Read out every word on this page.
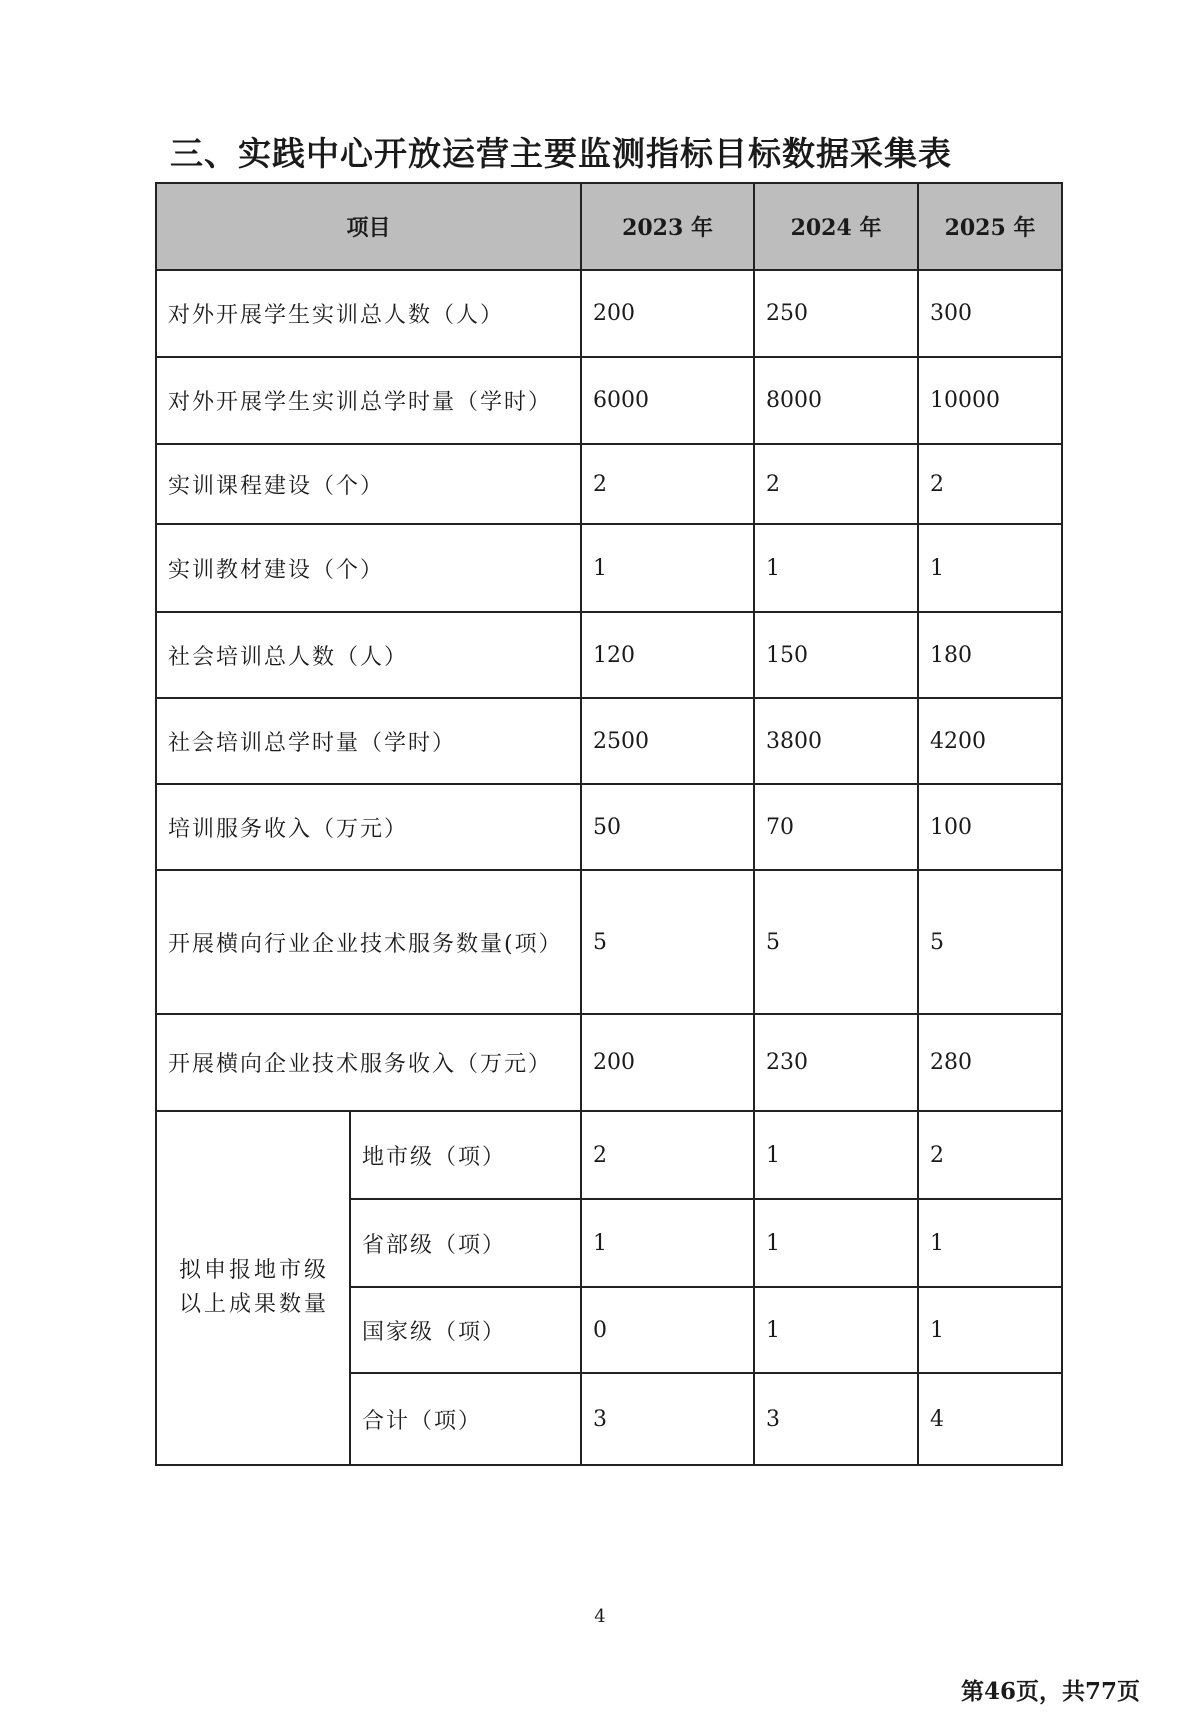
三、实践中心开放运营主要监测指标目标数据采集表
项目		2023 年	2024 年	2025 年
对外开展学生实训总人数（人）		200	250	300
对外开展学生实训总学时量（学时）		6000	8000	10000
实训课程建设（个）		2	2	2
实训教材建设（个）		1	1	1
社会培训总人数（人）		120	150	180
社会培训总学时量（学时）		2500	3800	4200
培训服务收入（万元）		50	70	100
开展横向行业企业技术服务数量(项）		5	5	5
开展横向企业技术服务收入（万元）		200	230	280
拟申报地市级以上成果数量	地市级（项）	2	1	2
	省部级（项）	1	1	1
	国家级（项）	0	1	1
	合计（项）	3	3	4
4
第46页，共77页
